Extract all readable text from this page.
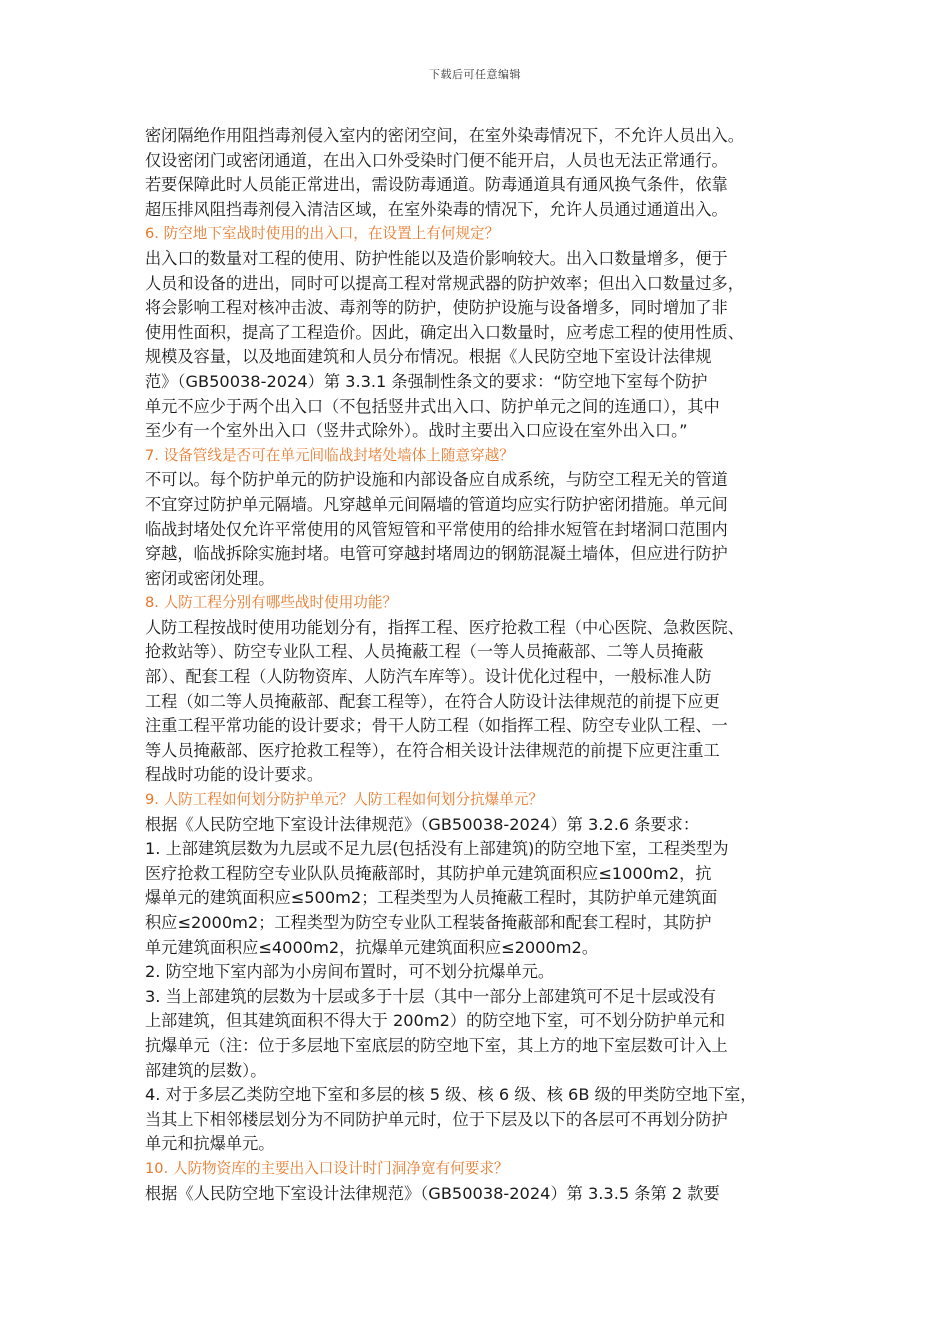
下载后可任意编辑
密闭隔绝作用阻挡毒剂侵入室内的密闭空间，在室外染毒情况下，不允许人员出入。
仅设密闭门或密闭通道，在出入口外受染时门便不能开启，人员也无法正常通行。
若要保障此时人员能正常进出，需设防毒通道。防毒通道具有通风换气条件，依靠
超压排风阻挡毒剂侵入清洁区域，在室外染毒的情况下，允许人员通过通道出入。
6. 防空地下室战时使用的出入口，在设置上有何规定？
出入口的数量对工程的使用、防护性能以及造价影响较大。出入口数量增多，便于
人员和设备的进出，同时可以提高工程对常规武器的防护效率；但出入口数量过多，
将会影响工程对核冲击波、毒剂等的防护，使防护设施与设备增多，同时增加了非
使用性面积，提高了工程造价。因此，确定出入口数量时，应考虑工程的使用性质、
规模及容量，以及地面建筑和人员分布情况。根据《人民防空地下室设计法律规
范》（GB50038-2024）第 3.3.1 条强制性条文的要求：“防空地下室每个防护
单元不应少于两个出入口（不包括竖井式出入口、防护单元之间的连通口），其中
至少有一个室外出入口（竖井式除外）。战时主要出入口应设在室外出入口。”
7. 设备管线是否可在单元间临战封堵处墙体上随意穿越？
不可以。每个防护单元的防护设施和内部设备应自成系统，与防空工程无关的管道
不宜穿过防护单元隔墙。凡穿越单元间隔墙的管道均应实行防护密闭措施。单元间
临战封堵处仅允许平常使用的风管短管和平常使用的给排水短管在封堵洞口范围内
穿越，临战拆除实施封堵。电管可穿越封堵周边的钢筋混凝土墙体，但应进行防护
密闭或密闭处理。
8. 人防工程分别有哪些战时使用功能？
人防工程按战时使用功能划分有，指挥工程、医疗抢救工程（中心医院、急救医院、
抢救站等）、防空专业队工程、人员掩蔽工程（一等人员掩蔽部、二等人员掩蔽
部）、配套工程（人防物资库、人防汽车库等）。设计优化过程中，一般标准人防
工程（如二等人员掩蔽部、配套工程等），在符合人防设计法律规范的前提下应更
注重工程平常功能的设计要求；骨干人防工程（如指挥工程、防空专业队工程、一
等人员掩蔽部、医疗抢救工程等），在符合相关设计法律规范的前提下应更注重工
程战时功能的设计要求。
9. 人防工程如何划分防护单元？人防工程如何划分抗爆单元？
根据《人民防空地下室设计法律规范》（GB50038-2024）第 3.2.6 条要求：
1. 上部建筑层数为九层或不足九层(包括没有上部建筑)的防空地下室，工程类型为
医疗抢救工程防空专业队队员掩蔽部时，其防护单元建筑面积应≤1000m2，抗
爆单元的建筑面积应≤500m2；工程类型为人员掩蔽工程时，其防护单元建筑面
积应≤2000m2；工程类型为防空专业队工程装备掩蔽部和配套工程时，其防护
单元建筑面积应≤4000m2，抗爆单元建筑面积应≤2000m2。
2. 防空地下室内部为小房间布置时，可不划分抗爆单元。
3. 当上部建筑的层数为十层或多于十层（其中一部分上部建筑可不足十层或没有
上部建筑，但其建筑面积不得大于 200m2）的防空地下室，可不划分防护单元和
抗爆单元（注：位于多层地下室底层的防空地下室，其上方的地下室层数可计入上
部建筑的层数）。
4. 对于多层乙类防空地下室和多层的核 5 级、核 6 级、核 6B 级的甲类防空地下室，
当其上下相邻楼层划分为不同防护单元时，位于下层及以下的各层可不再划分防护
单元和抗爆单元。
10. 人防物资库的主要出入口设计时门洞净宽有何要求？
根据《人民防空地下室设计法律规范》（GB50038-2024）第 3.3.5 条第 2 款要
